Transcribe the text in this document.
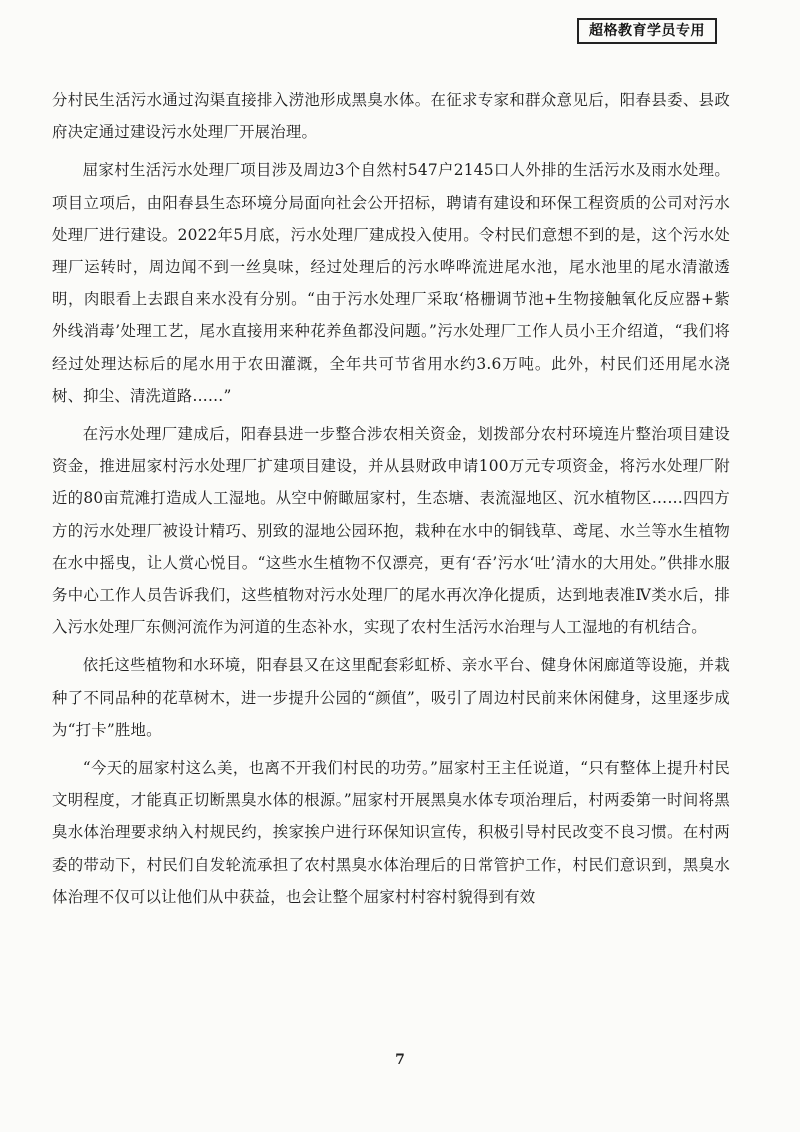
超格教育学员专用

分村民生活污水通过沟渠直接排入涝池形成黑臭水体。在征求专家和群众意见后，阳春县委、县政府决定通过建设污水处理厂开展治理。

屈家村生活污水处理厂项目涉及周边3个自然村547户2145口人外排的生活污水及雨水处理。项目立项后，由阳春县生态环境分局面向社会公开招标，聘请有建设和环保工程资质的公司对污水处理厂进行建设。2022年5月底，污水处理厂建成投入使用。令村民们意想不到的是，这个污水处理厂运转时，周边闻不到一丝臭味，经过处理后的污水哗哗流进尾水池，尾水池里的尾水清澈透明，肉眼看上去跟自来水没有分别。“由于污水处理厂采取‘格栅调节池+生物接触氧化反应器+紫外线消毒’处理工艺，尾水直接用来种花养鱼都没问题。”污水处理厂工作人员小王介绍道，“我们将经过处理达标后的尾水用于农田灌溉，全年共可节省用水约3.6万吨。此外，村民们还用尾水浇树、抑尘、清洗道路……”

在污水处理厂建成后，阳春县进一步整合涉农相关资金，划拨部分农村环境连片整治项目建设资金，推进屈家村污水处理厂扩建项目建设，并从县财政申请100万元专项资金，将污水处理厂附近的80亩荒滩打造成人工湿地。从空中俯瞰屈家村，生态塘、表流湿地区、沉水植物区……四四方方的污水处理厂被设计精巧、别致的湿地公园环抱，栽种在水中的铜钱草、鸢尾、水兰等水生植物在水中摇曳，让人赏心悦目。“这些水生植物不仅漂亮，更有‘吞’污水‘吐’清水的大用处。”供排水服务中心工作人员告诉我们，这些植物对污水处理厂的尾水再次净化提质，达到地表准Ⅳ类水后，排入污水处理厂东侧河流作为河道的生态补水，实现了农村生活污水治理与人工湿地的有机结合。

依托这些植物和水环境，阳春县又在这里配套彩虹桥、亲水平台、健身休闲廊道等设施，并栽种了不同品种的花草树木，进一步提升公园的“颜值”，吸引了周边村民前来休闲健身，这里逐步成为“打卡”胜地。

“今天的屈家村这么美，也离不开我们村民的功劳。”屈家村王主任说道，“只有整体上提升村民文明程度，才能真正切断黑臭水体的根源。”屈家村开展黑臭水体专项治理后，村两委第一时间将黑臭水体治理要求纳入村规民约，挨家挨户进行环保知识宣传，积极引导村民改变不良习惯。在村两委的带动下，村民们自发轮流承担了农村黑臭水体治理后的日常管护工作，村民们意识到，黑臭水体治理不仅可以让他们从中获益，也会让整个屈家村村容村貌得到有效

7
